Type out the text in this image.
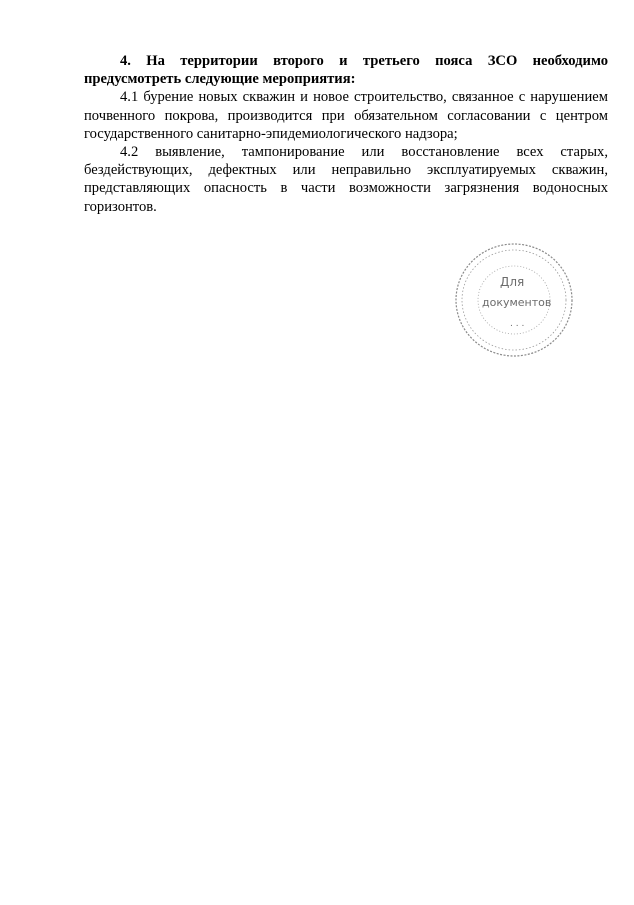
4. На территории второго и третьего пояса ЗСО необходимо предусмотреть следующие мероприятия:

4.1 бурение новых скважин и новое строительство, связанное с нарушением почвенного покрова, производится при обязательном согласовании с центром государственного санитарно-эпидемиологического надзора;

4.2 выявление, тампонирование или восстановление всех старых, бездействующих, дефектных или неправильно эксплуатируемых скважин, представляющих опасность в части возможности загрязнения водоносных горизонтов.

Для
документов
. . .
